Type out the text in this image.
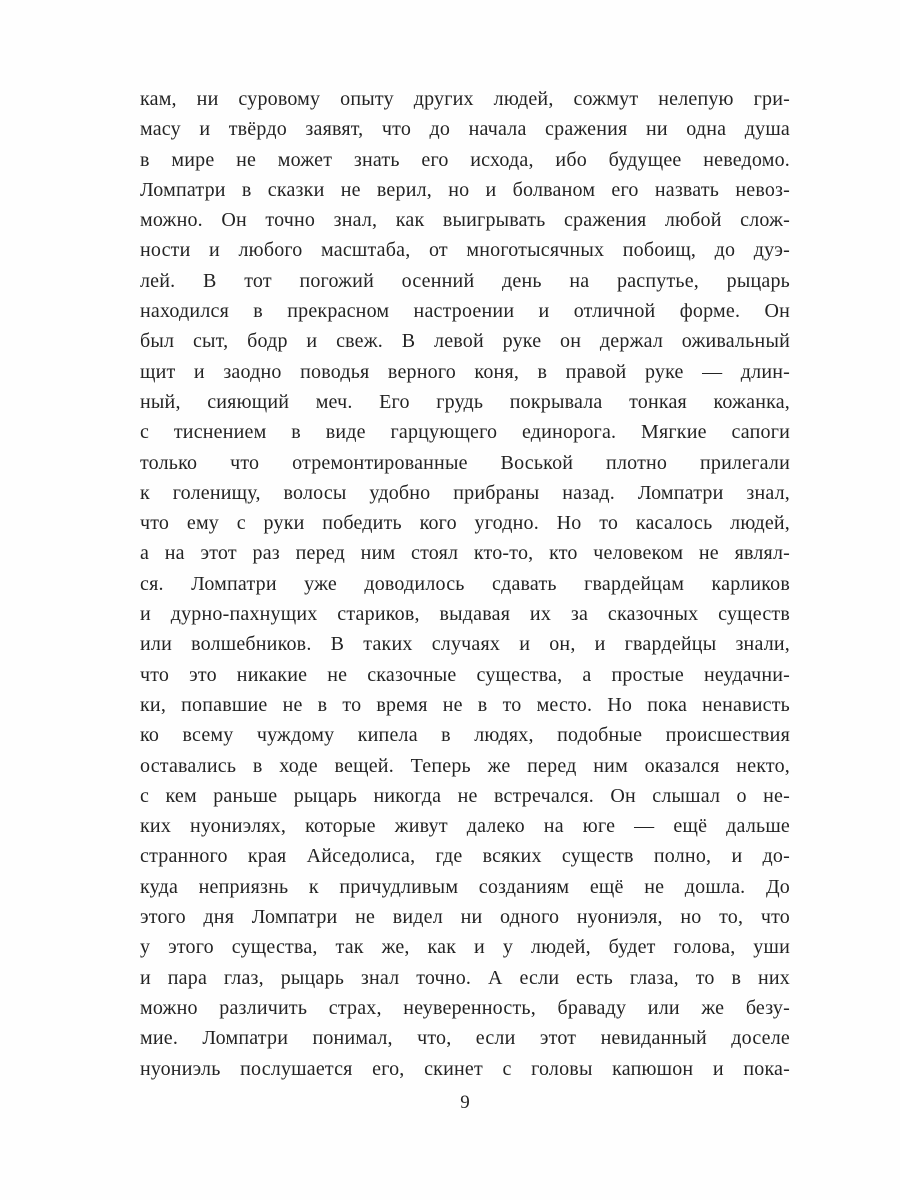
кам, ни суровому опыту других людей, сожмут нелепую гри-
масу и твёрдо заявят, что до начала сражения ни одна душа
в мире не может знать его исхода, ибо будущее неведомо.
Ломпатри в сказки не верил, но и болваном его назвать невоз-
можно. Он точно знал, как выигрывать сражения любой слож-
ности и любого масштаба, от многотысячных побоищ, до дуэ-
лей. В тот погожий осенний день на распутье, рыцарь
находился в прекрасном настроении и отличной форме. Он
был сыт, бодр и свеж. В левой руке он держал оживальный
щит и заодно поводья верного коня, в правой руке — длин-
ный, сияющий меч. Его грудь покрывала тонкая кожанка,
с тиснением в виде гарцующего единорога. Мягкие сапоги
только что отремонтированные Воськой плотно прилегали
к голенищу, волосы удобно прибраны назад. Ломпатри знал,
что ему с руки победить кого угодно. Но то касалось людей,
а на этот раз перед ним стоял кто-то, кто человеком не являл-
ся. Ломпатри уже доводилось сдавать гвардейцам карликов
и дурно-пахнущих стариков, выдавая их за сказочных существ
или волшебников. В таких случаях и он, и гвардейцы знали,
что это никакие не сказочные существа, а простые неудачни-
ки, попавшие не в то время не в то место. Но пока ненависть
ко всему чуждому кипела в людях, подобные происшествия
оставались в ходе вещей. Теперь же перед ним оказался некто,
с кем раньше рыцарь никогда не встречался. Он слышал о не-
ких нуониэлях, которые живут далеко на юге — ещё дальше
странного края Айседолиса, где всяких существ полно, и до-
куда неприязнь к причудливым созданиям ещё не дошла. До
этого дня Ломпатри не видел ни одного нуониэля, но то, что
у этого существа, так же, как и у людей, будет голова, уши
и пара глаз, рыцарь знал точно. А если есть глаза, то в них
можно различить страх, неуверенность, браваду или же безу-
мие. Ломпатри понимал, что, если этот невиданный доселе
нуониэль послушается его, скинет с головы капюшон и пока-
9
